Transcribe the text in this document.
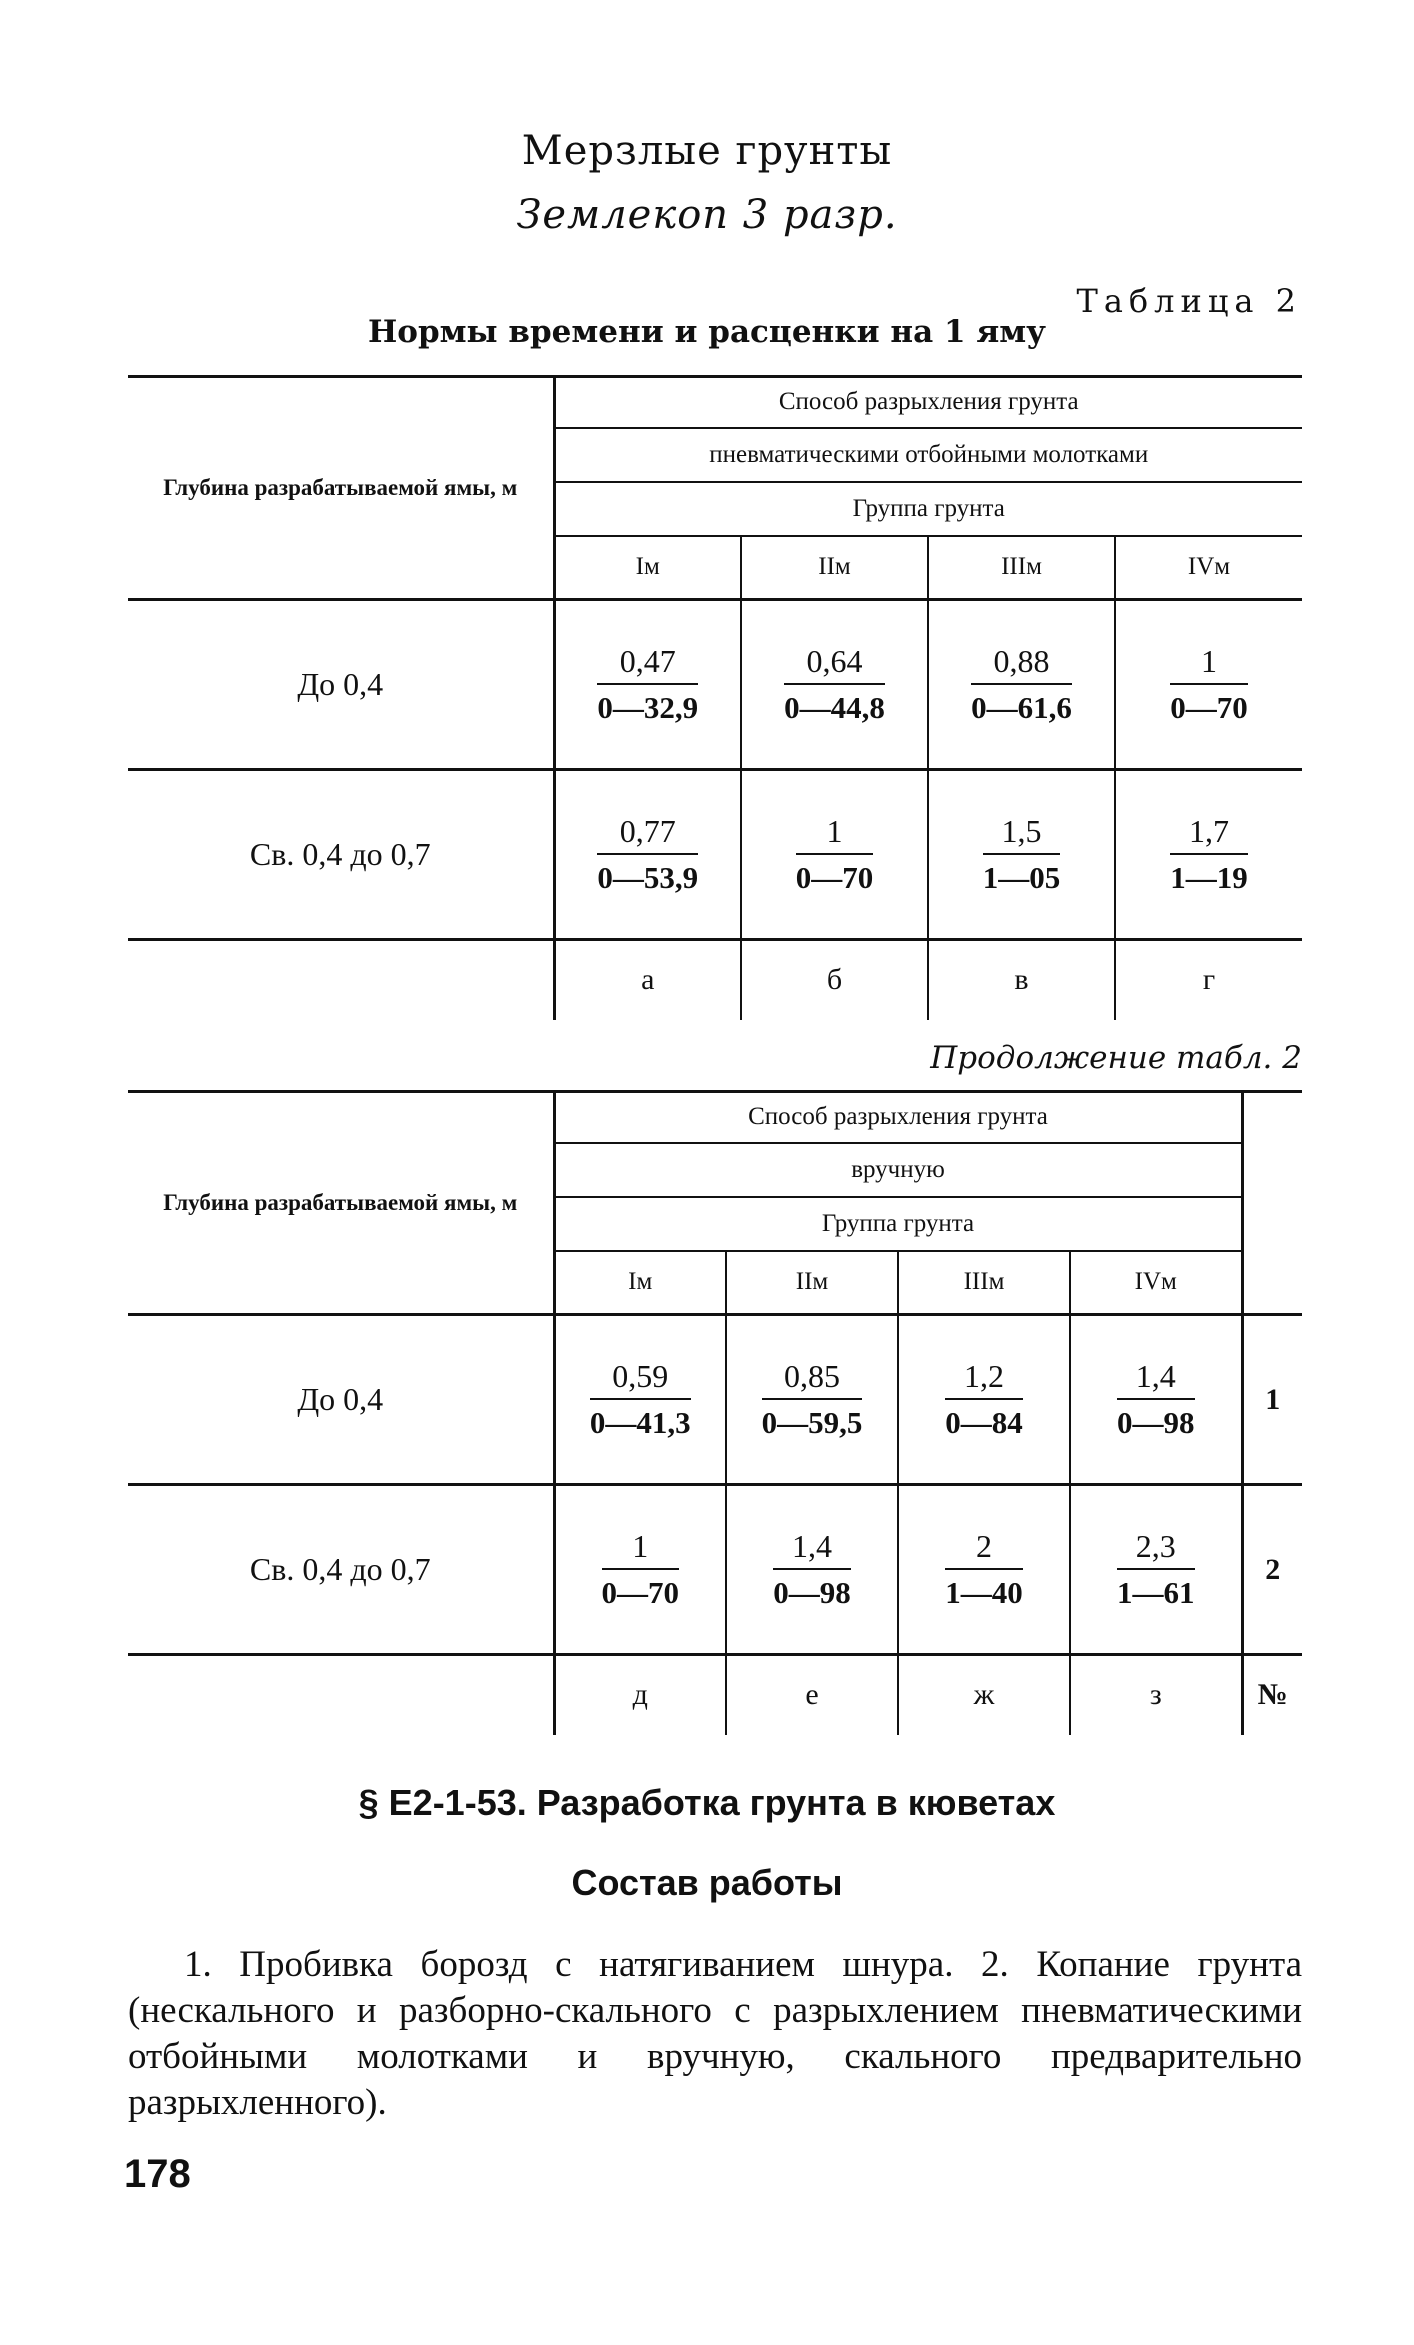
Мерзлые грунты
Землекоп 3 разр.
Таблица 2
Нормы времени и расценки на 1 яму
Глубина разрабатываемой ямы, м	Способ разрыхления грунта			
	пневматическими отбойными молотками			
	Группа грунта			
	Iм	IIм	IIIм	IVм
До 0,4	$\frac{0,47}{0—32,9}$	$\frac{0,64}{0—44,8}$	$\frac{0,88}{0—61,6}$	$\frac{1}{0—70}$

Св. 0,4 до 0,7	$\frac{0,77}{0—53,9}$	$\frac{1}{0—70}$	$\frac{1,5}{1—05}$	$\frac{1,7}{1—19}$

	а	б	в	г
Продолжение табл. 2
Глубина разрабатываемой ямы, м	Способ разрыхления грунта				
	вручную				
	Группа грунта				
	Iм	IIм	IIIм	IVм	
До 0,4	$\frac{0,59}{0—41,3}$	$\frac{0,85}{0—59,5}$	$\frac{1,2}{0—84}$	$\frac{1,4}{0—98}$	1
Св. 0,4 до 0,7	$\frac{1}{0—70}$	$\frac{1,4}{0—98}$	$\frac{2}{1—40}$	$\frac{2,3}{1—61}$	2
	д	е	ж	з	№
§ Е2-1-53. Разработка грунта в кюветах
Состав работы
1. Пробивка борозд с натягиванием шнура. 2. Копание грунта (нескального и разборно-скального с разрыхлением пневматическими отбойными молотками и вручную, скального предварительно разрыхленного).
178
